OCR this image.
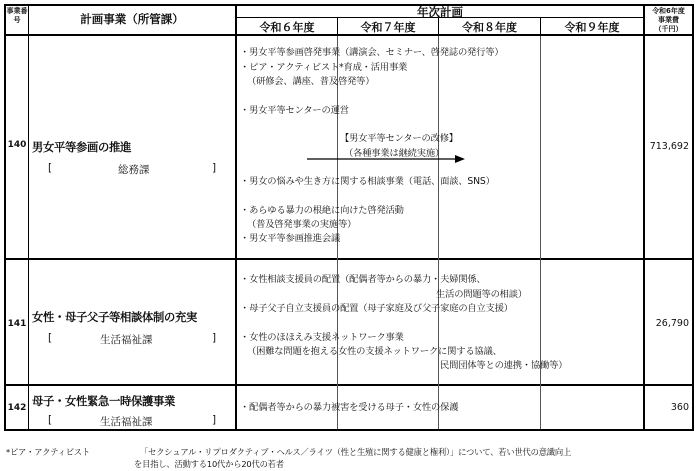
事業番号	計画事業（所管課）	年次計画
令和６年度	令和７年度	令和８年度	令和９年度
令和6年度
事業費
（千円）
140 男女平等参画の推進
[	総務課	]
・男女平等参画啓発事業（講演会、セミナー、啓発誌の発行等）
・ピア・アクティビスト*育成・活用事業
（研修会、講座、普及啓発等）
・男女平等センターの運営
【男女平等センターの改修】
（各種事業は継続実施）
・男女の悩みや生き方に関する相談事業（電話、面談、SNS）
・あらゆる暴力の根絶に向けた啓発活動
（普及啓発事業の実施等）
・男女平等参画推進会議
713,692
141 女性・母子父子等相談体制の充実
[	生活福祉課	]
・女性相談支援員の配置（配偶者等からの暴力・夫婦関係、
生活の問題等の相談）
・母子父子自立支援員の配置（母子家庭及び父子家庭の自立支援）
・女性のほほえみ支援ネットワーク事業
（困難な問題を抱える女性の支援ネットワークに関する協議、
民間団体等との連携・協働等）
26,790
142 母子・女性緊急一時保護事業
[	生活福祉課	]
・配偶者等からの暴力被害を受ける母子・女性の保護	360
*ピア・アクティビスト	「セクシュアル・リプロダクティブ・ヘルス／ライツ（性と生殖に関する健康と権利）」について、若い世代の意識向上
を目指し、活動する10代から20代の若者
